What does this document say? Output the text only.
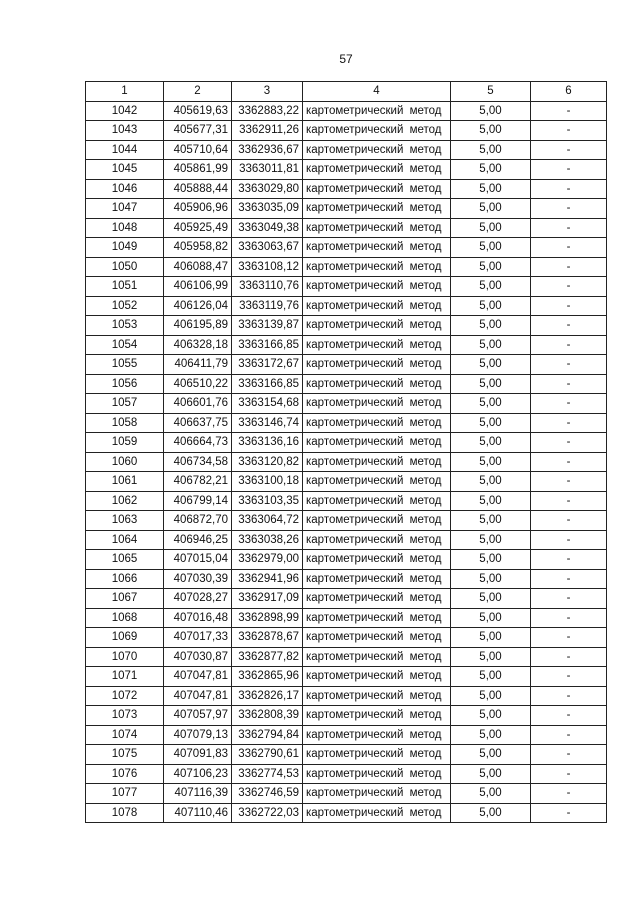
57
1	2	3	4	5	6
1042	405619,63	3362883,22	картометрический метод	5,00	-
1043	405677,31	3362911,26	картометрический метод	5,00	-
1044	405710,64	3362936,67	картометрический метод	5,00	-
1045	405861,99	3363011,81	картометрический метод	5,00	-
1046	405888,44	3363029,80	картометрический метод	5,00	-
1047	405906,96	3363035,09	картометрический метод	5,00	-
1048	405925,49	3363049,38	картометрический метод	5,00	-
1049	405958,82	3363063,67	картометрический метод	5,00	-
1050	406088,47	3363108,12	картометрический метод	5,00	-
1051	406106,99	3363110,76	картометрический метод	5,00	-
1052	406126,04	3363119,76	картометрический метод	5,00	-
1053	406195,89	3363139,87	картометрический метод	5,00	-
1054	406328,18	3363166,85	картометрический метод	5,00	-
1055	406411,79	3363172,67	картометрический метод	5,00	-
1056	406510,22	3363166,85	картометрический метод	5,00	-
1057	406601,76	3363154,68	картометрический метод	5,00	-
1058	406637,75	3363146,74	картометрический метод	5,00	-
1059	406664,73	3363136,16	картометрический метод	5,00	-
1060	406734,58	3363120,82	картометрический метод	5,00	-
1061	406782,21	3363100,18	картометрический метод	5,00	-
1062	406799,14	3363103,35	картометрический метод	5,00	-
1063	406872,70	3363064,72	картометрический метод	5,00	-
1064	406946,25	3363038,26	картометрический метод	5,00	-
1065	407015,04	3362979,00	картометрический метод	5,00	-
1066	407030,39	3362941,96	картометрический метод	5,00	-
1067	407028,27	3362917,09	картометрический метод	5,00	-
1068	407016,48	3362898,99	картометрический метод	5,00	-
1069	407017,33	3362878,67	картометрический метод	5,00	-
1070	407030,87	3362877,82	картометрический метод	5,00	-
1071	407047,81	3362865,96	картометрический метод	5,00	-
1072	407047,81	3362826,17	картометрический метод	5,00	-
1073	407057,97	3362808,39	картометрический метод	5,00	-
1074	407079,13	3362794,84	картометрический метод	5,00	-
1075	407091,83	3362790,61	картометрический метод	5,00	-
1076	407106,23	3362774,53	картометрический метод	5,00	-
1077	407116,39	3362746,59	картометрический метод	5,00	-
1078	407110,46	3362722,03	картометрический метод	5,00	-
